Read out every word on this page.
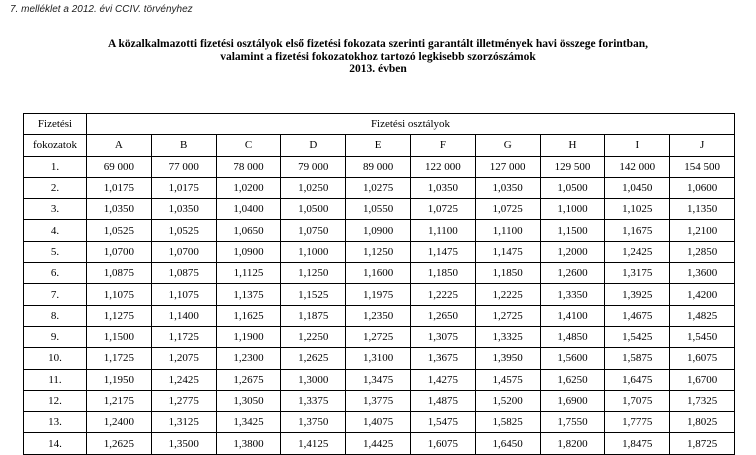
7. melléklet a 2012. évi CCIV. törvényhez
A közalkalmazotti fizetési osztályok első fizetési fokozata szerinti garantált illetmények havi összege forintban,
valamint a fizetési fokozatokhoz tartozó legkisebb szorzószámok
2013. évben
Fizetési	Fizetési osztályok									
fokozatok	A	B	C	D	E	F	G	H	I	J
1.	69 000	77 000	78 000	79 000	89 000	122 000	127 000	129 500	142 000	154 500
2.	1,0175	1,0175	1,0200	1,0250	1,0275	1,0350	1,0350	1,0500	1,0450	1,0600
3.	1,0350	1,0350	1,0400	1,0500	1,0550	1,0725	1,0725	1,1000	1,1025	1,1350
4.	1,0525	1,0525	1,0650	1,0750	1,0900	1,1100	1,1100	1,1500	1,1675	1,2100
5.	1,0700	1,0700	1,0900	1,1000	1,1250	1,1475	1,1475	1,2000	1,2425	1,2850
6.	1,0875	1,0875	1,1125	1,1250	1,1600	1,1850	1,1850	1,2600	1,3175	1,3600
7.	1,1075	1,1075	1,1375	1,1525	1,1975	1,2225	1,2225	1,3350	1,3925	1,4200
8.	1,1275	1,1400	1,1625	1,1875	1,2350	1,2650	1,2725	1,4100	1,4675	1,4825
9.	1,1500	1,1725	1,1900	1,2250	1,2725	1,3075	1,3325	1,4850	1,5425	1,5450
10.	1,1725	1,2075	1,2300	1,2625	1,3100	1,3675	1,3950	1,5600	1,5875	1,6075
11.	1,1950	1,2425	1,2675	1,3000	1,3475	1,4275	1,4575	1,6250	1,6475	1,6700
12.	1,2175	1,2775	1,3050	1,3375	1,3775	1,4875	1,5200	1,6900	1,7075	1,7325
13.	1,2400	1,3125	1,3425	1,3750	1,4075	1,5475	1,5825	1,7550	1,7775	1,8025
14.	1,2625	1,3500	1,3800	1,4125	1,4425	1,6075	1,6450	1,8200	1,8475	1,8725
